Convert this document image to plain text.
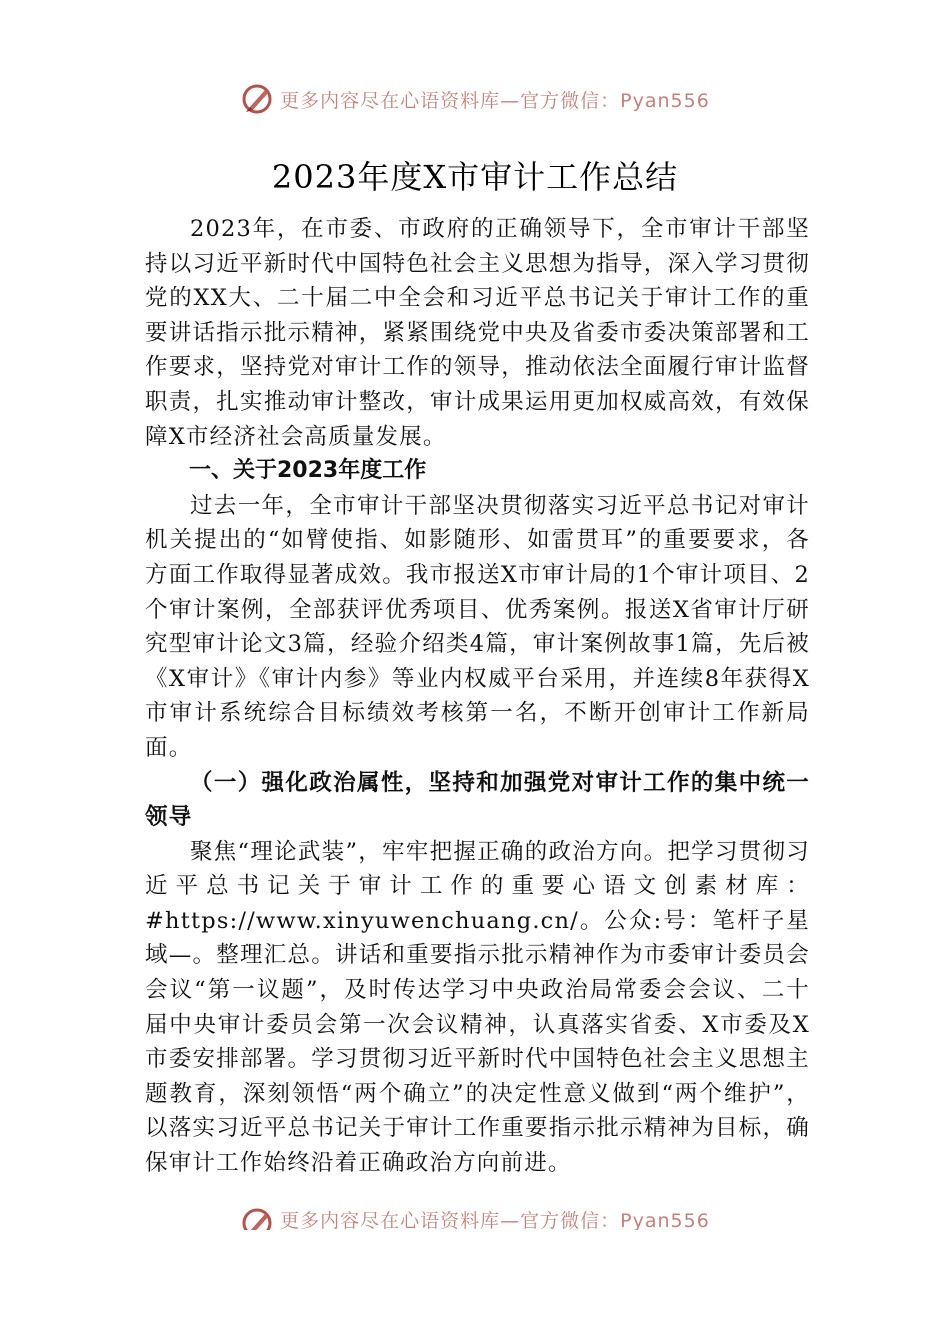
更多内容尽在心语资料库—官方微信：Pyan556
2023年度X市审计工作总结

2023年，在市委、市政府的正确领导下，全市审计干部坚持以习近平新时代中国特色社会主义思想为指导，深入学习贯彻党的XX大、二十届二中全会和习近平总书记关于审计工作的重要讲话指示批示精神，紧紧围绕党中央及省委市委决策部署和工作要求，坚持党对审计工作的领导，推动依法全面履行审计监督职责，扎实推动审计整改，审计成果运用更加权威高效，有效保障X市经济社会高质量发展。

一、关于2023年度工作

过去一年，全市审计干部坚决贯彻落实习近平总书记对审计机关提出的“如臂使指、如影随形、如雷贯耳”的重要要求，各方面工作取得显著成效。我市报送X市审计局的1个审计项目、2个审计案例，全部获评优秀项目、优秀案例。报送X省审计厅研究型审计论文3篇，经验介绍类4篇，审计案例故事1篇，先后被《X审计》《审计内参》等业内权威平台采用，并连续8年获得X市审计系统综合目标绩效考核第一名，不断开创审计工作新局面。

（一）强化政治属性，坚持和加强党对审计工作的集中统一领导

聚焦“理论武装”，牢牢把握正确的政治方向。把学习贯彻习近平总书记关于审计工作的重要心语文创素材库：#https://www.xinyuwenchuang.cn/。公众:号：笔杆子星域—。整理汇总。讲话和重要指示批示精神作为市委审计委员会会议“第一议题”，及时传达学习中央政治局常委会会议、二十届中央审计委员会第一次会议精神，认真落实省委、X市委及X市委安排部署。学习贯彻习近平新时代中国特色社会主义思想主题教育，深刻领悟“两个确立”的决定性意义做到“两个维护”，以落实习近平总书记关于审计工作重要指示批示精神为目标，确保审计工作始终沿着正确政治方向前进。

更多内容尽在心语资料库—官方微信：Pyan556
